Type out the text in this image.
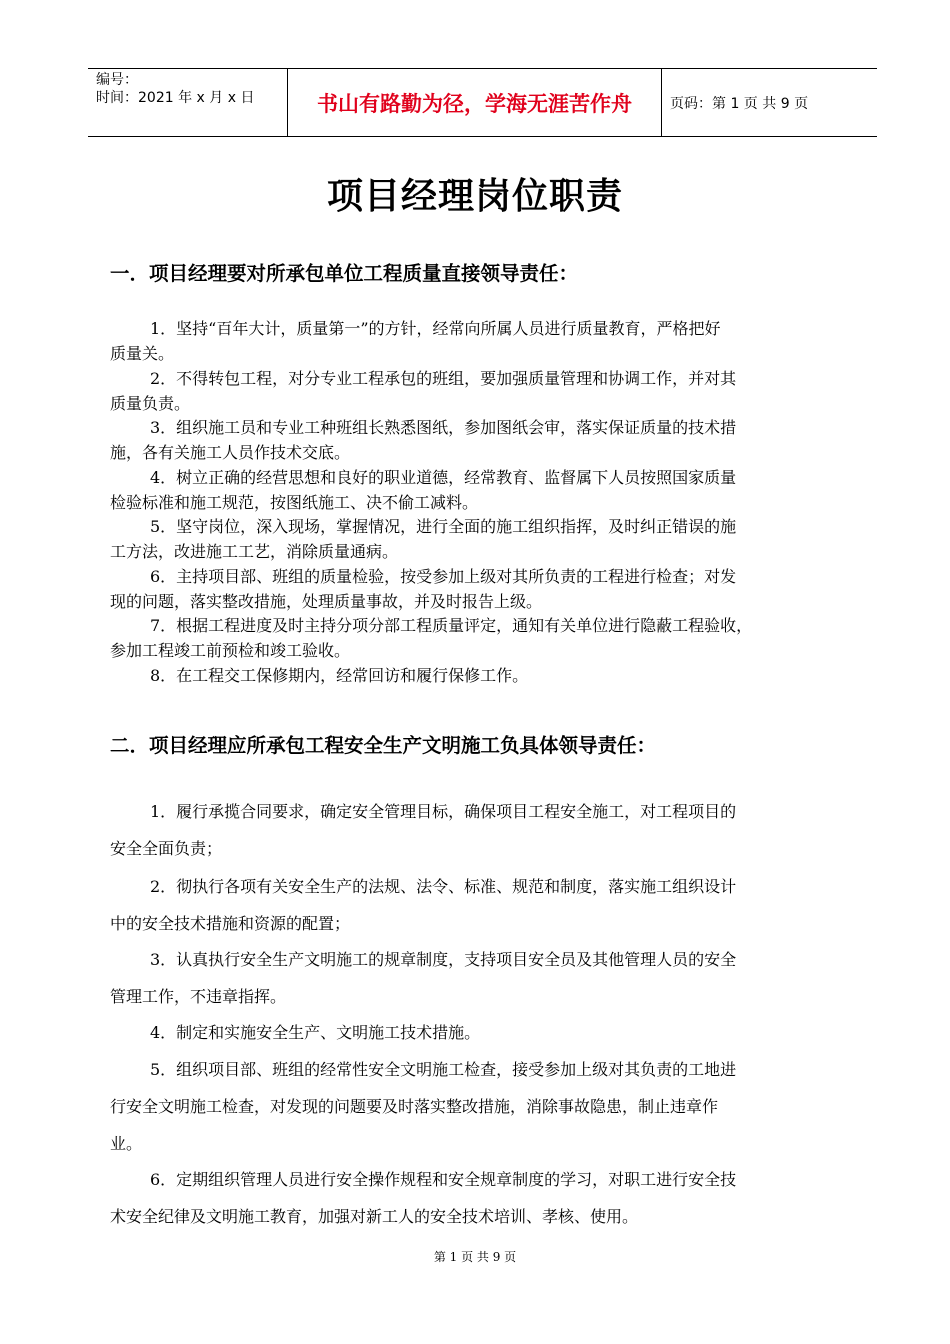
编号：
时间：2021 年 x 月 x 日	书山有路勤为径，学海无涯苦作舟	页码：第 1 页 共 9 页
项目经理岗位职责
一．项目经理要对所承包单位工程质量直接领导责任：
1．坚持“百年大计，质量第一”的方针，经常向所属人员进行质量教育，严格把好
质量关。
2．不得转包工程，对分专业工程承包的班组，要加强质量管理和协调工作，并对其
质量负责。
3．组织施工员和专业工种班组长熟悉图纸，参加图纸会审，落实保证质量的技术措
施，各有关施工人员作技术交底。
4．树立正确的经营思想和良好的职业道德，经常教育、监督属下人员按照国家质量
检验标准和施工规范，按图纸施工、决不偷工减料。
5．坚守岗位，深入现场，掌握情况，进行全面的施工组织指挥，及时纠正错误的施
工方法，改进施工工艺，消除质量通病。
6．主持项目部、班组的质量检验，按受参加上级对其所负责的工程进行检查；对发
现的问题，落实整改措施，处理质量事故，并及时报告上级。
7．根据工程进度及时主持分项分部工程质量评定，通知有关单位进行隐蔽工程验收，
参加工程竣工前预检和竣工验收。
8．在工程交工保修期内，经常回访和履行保修工作。
二．项目经理应所承包工程安全生产文明施工负具体领导责任：
1．履行承揽合同要求，确定安全管理目标，确保项目工程安全施工，对工程项目的
安全全面负责；
2．彻执行各项有关安全生产的法规、法令、标准、规范和制度，落实施工组织设计
中的安全技术措施和资源的配置；
3．认真执行安全生产文明施工的规章制度，支持项目安全员及其他管理人员的安全
管理工作，不违章指挥。
4．制定和实施安全生产、文明施工技术措施。
5．组织项目部、班组的经常性安全文明施工检查，接受参加上级对其负责的工地进
行安全文明施工检查，对发现的问题要及时落实整改措施，消除事故隐患，制止违章作
业。
6．定期组织管理人员进行安全操作规程和安全规章制度的学习，对职工进行安全技
术安全纪律及文明施工教育，加强对新工人的安全技术培训、孝核、使用。
第 1 页 共 9 页
